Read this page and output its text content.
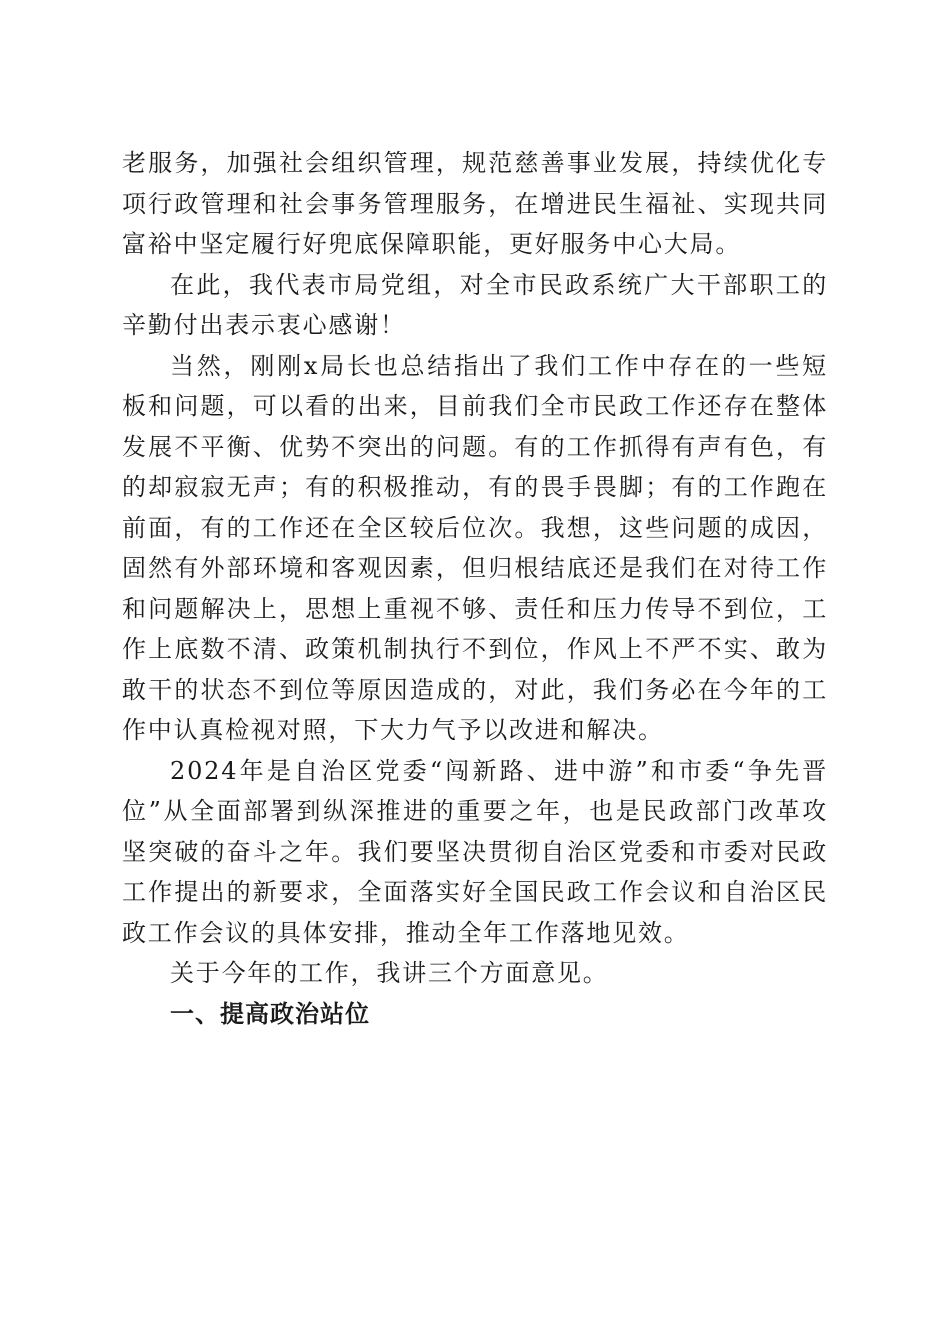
老服务，加强社会组织管理，规范慈善事业发展，持续优化专项行政管理和社会事务管理服务，在增进民生福祉、实现共同富裕中坚定履行好兜底保障职能，更好服务中心大局。

在此，我代表市局党组，对全市民政系统广大干部职工的辛勤付出表示衷心感谢！

当然，刚刚x局长也总结指出了我们工作中存在的一些短板和问题，可以看的出来，目前我们全市民政工作还存在整体发展不平衡、优势不突出的问题。有的工作抓得有声有色，有的却寂寂无声；有的积极推动，有的畏手畏脚；有的工作跑在前面，有的工作还在全区较后位次。我想，这些问题的成因，固然有外部环境和客观因素，但归根结底还是我们在对待工作和问题解决上，思想上重视不够、责任和压力传导不到位，工作上底数不清、政策机制执行不到位，作风上不严不实、敢为敢干的状态不到位等原因造成的，对此，我们务必在今年的工作中认真检视对照，下大力气予以改进和解决。

2024年是自治区党委“闯新路、进中游”和市委“争先晋位”从全面部署到纵深推进的重要之年，也是民政部门改革攻坚突破的奋斗之年。我们要坚决贯彻自治区党委和市委对民政工作提出的新要求，全面落实好全国民政工作会议和自治区民政工作会议的具体安排，推动全年工作落地见效。

关于今年的工作，我讲三个方面意见。

一、提高政治站位
